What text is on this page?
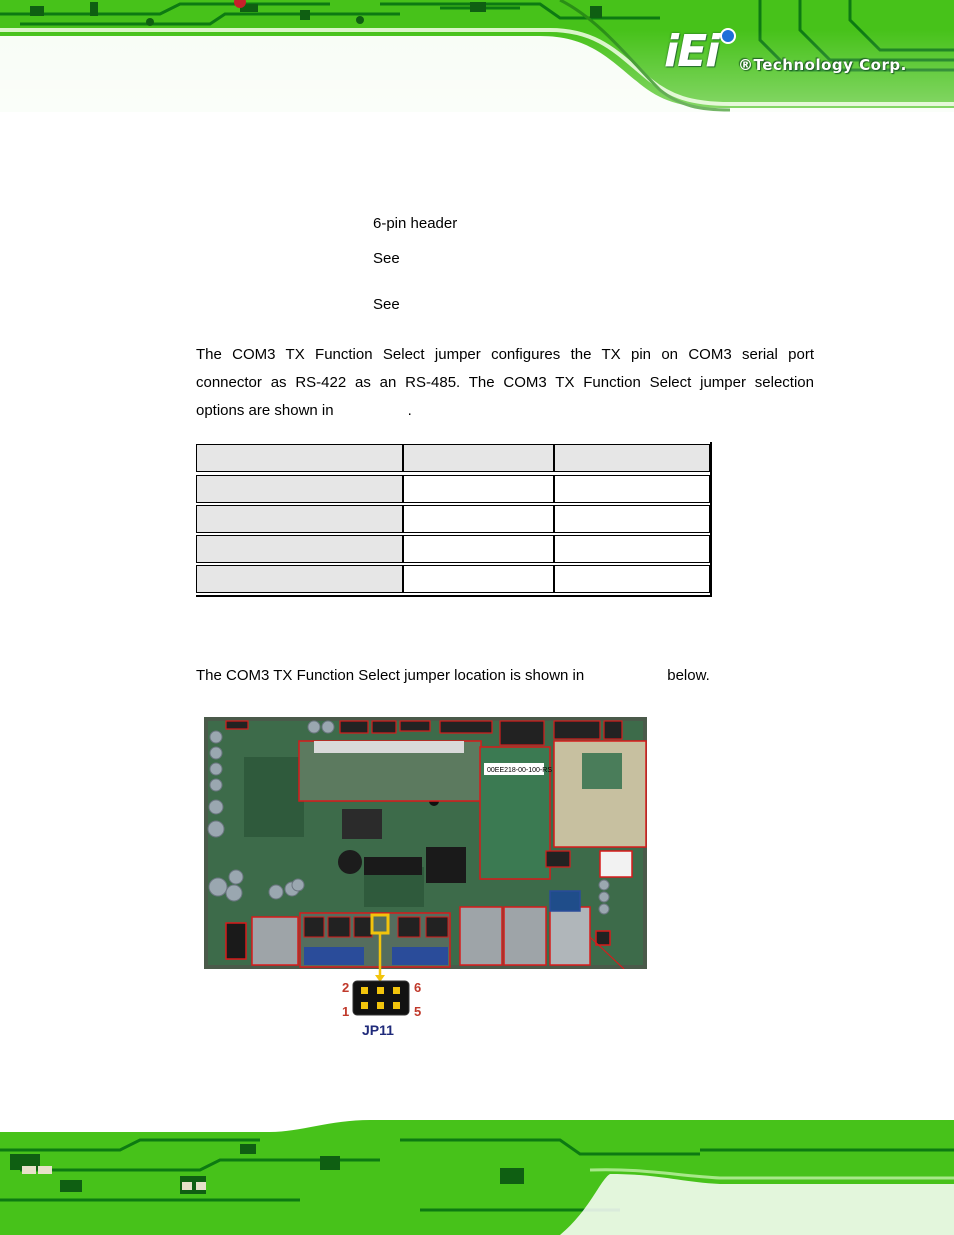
iEi ®Technology Corp.
6-pin header
See
See
The COM3 TX Function Select jumper configures the TX pin on COM3 serial port
connector as RS-422 as an RS-485. The COM3 TX Function Select jumper selection
options are shown in	.
The COM3 TX Function Select jumper location is shown in	below.
00EE218-00-100-RS
2	6
1	5
JP11
